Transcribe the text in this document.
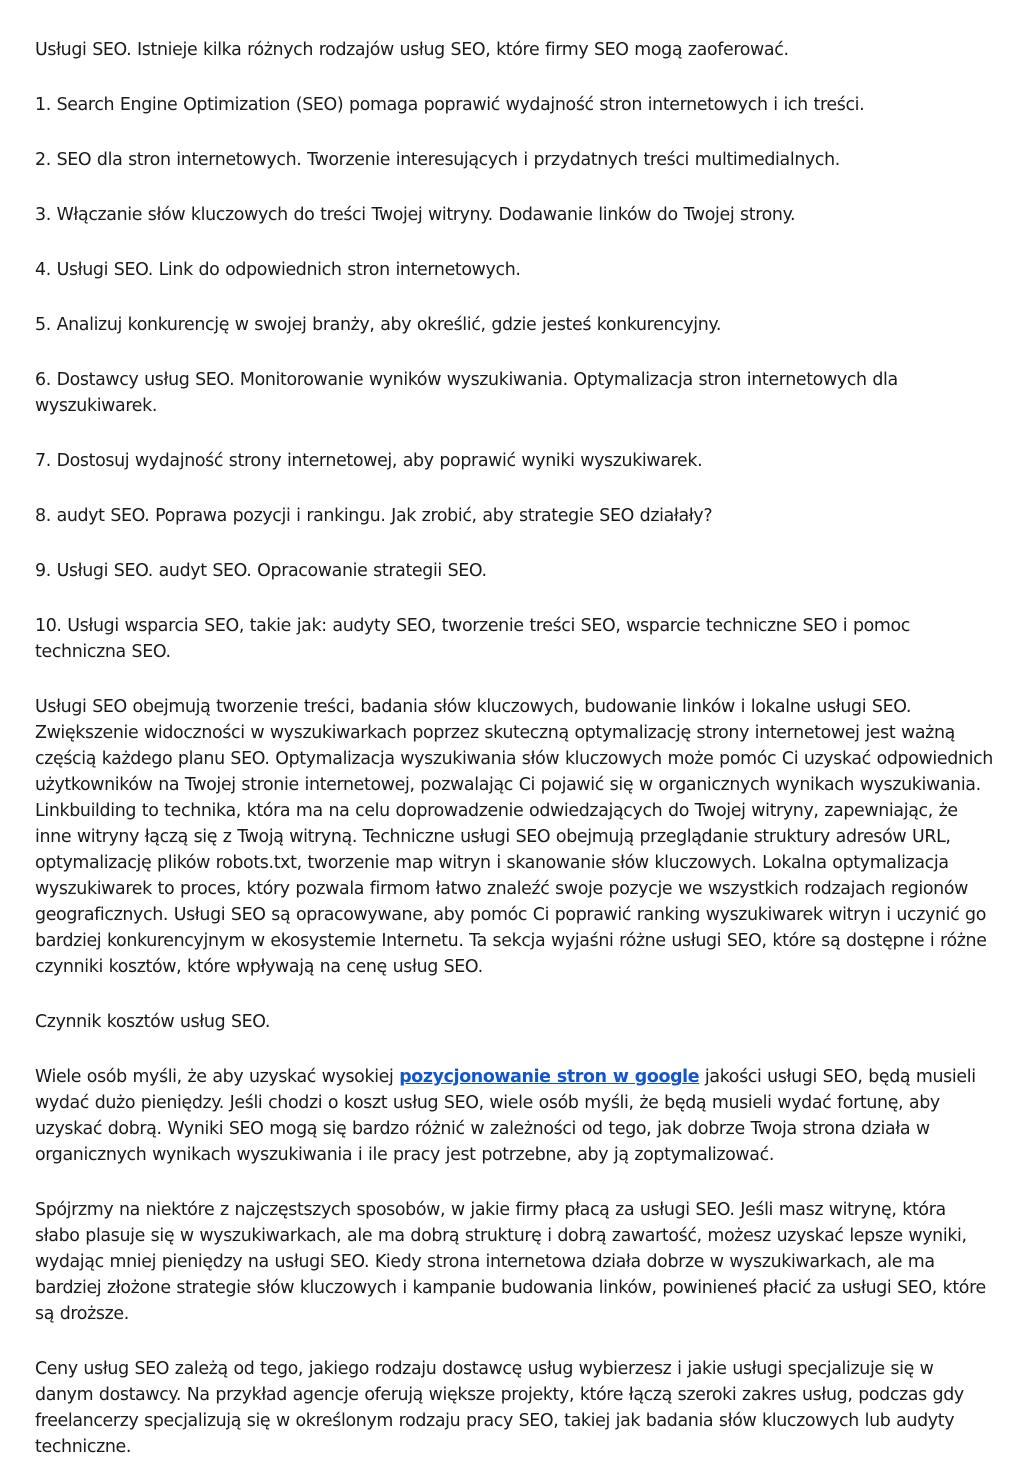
Usługi SEO. Istnieje kilka różnych rodzajów usług SEO, które firmy SEO mogą zaoferować.

1. Search Engine Optimization (SEO) pomaga poprawić wydajność stron internetowych i ich treści.

2. SEO dla stron internetowych. Tworzenie interesujących i przydatnych treści multimedialnych.

3. Włączanie słów kluczowych do treści Twojej witryny. Dodawanie linków do Twojej strony.

4. Usługi SEO. Link do odpowiednich stron internetowych.

5. Analizuj konkurencję w swojej branży, aby określić, gdzie jesteś konkurencyjny.

6. Dostawcy usług SEO. Monitorowanie wyników wyszukiwania. Optymalizacja stron internetowych dla wyszukiwarek.

7. Dostosuj wydajność strony internetowej, aby poprawić wyniki wyszukiwarek.

8. audyt SEO. Poprawa pozycji i rankingu. Jak zrobić, aby strategie SEO działały?

9. Usługi SEO. audyt SEO. Opracowanie strategii SEO.

10. Usługi wsparcia SEO, takie jak: audyty SEO, tworzenie treści SEO, wsparcie techniczne SEO i pomoc techniczna SEO.

Usługi SEO obejmują tworzenie treści, badania słów kluczowych, budowanie linków i lokalne usługi SEO. Zwiększenie widoczności w wyszukiwarkach poprzez skuteczną optymalizację strony internetowej jest ważną częścią każdego planu SEO. Optymalizacja wyszukiwania słów kluczowych może pomóc Ci uzyskać odpowiednich użytkowników na Twojej stronie internetowej, pozwalając Ci pojawić się w organicznych wynikach wyszukiwania. Linkbuilding to technika, która ma na celu doprowadzenie odwiedzających do Twojej witryny, zapewniając, że inne witryny łączą się z Twoją witryną. Techniczne usługi SEO obejmują przeglądanie struktury adresów URL, optymalizację plików robots.txt, tworzenie map witryn i skanowanie słów kluczowych. Lokalna optymalizacja wyszukiwarek to proces, który pozwala firmom łatwo znaleźć swoje pozycje we wszystkich rodzajach regionów geograficznych. Usługi SEO są opracowywane, aby pomóc Ci poprawić ranking wyszukiwarek witryn i uczynić go bardziej konkurencyjnym w ekosystemie Internetu. Ta sekcja wyjaśni różne usługi SEO, które są dostępne i różne czynniki kosztów, które wpływają na cenę usług SEO.

Czynnik kosztów usług SEO.

Wiele osób myśli, że aby uzyskać wysokiej pozycjonowanie stron w google jakości usługi SEO, będą musieli wydać dużo pieniędzy. Jeśli chodzi o koszt usług SEO, wiele osób myśli, że będą musieli wydać fortunę, aby uzyskać dobrą. Wyniki SEO mogą się bardzo różnić w zależności od tego, jak dobrze Twoja strona działa w organicznych wynikach wyszukiwania i ile pracy jest potrzebne, aby ją zoptymalizować.

Spójrzmy na niektóre z najczęstszych sposobów, w jakie firmy płacą za usługi SEO. Jeśli masz witrynę, która słabo plasuje się w wyszukiwarkach, ale ma dobrą strukturę i dobrą zawartość, możesz uzyskać lepsze wyniki, wydając mniej pieniędzy na usługi SEO. Kiedy strona internetowa działa dobrze w wyszukiwarkach, ale ma bardziej złożone strategie słów kluczowych i kampanie budowania linków, powinieneś płacić za usługi SEO, które są droższe.

Ceny usług SEO zależą od tego, jakiego rodzaju dostawcę usług wybierzesz i jakie usługi specjalizuje się w danym dostawcy. Na przykład agencje oferują większe projekty, które łączą szeroki zakres usług, podczas gdy freelancerzy specjalizują się w określonym rodzaju pracy SEO, takiej jak badania słów kluczowych lub audyty techniczne.
